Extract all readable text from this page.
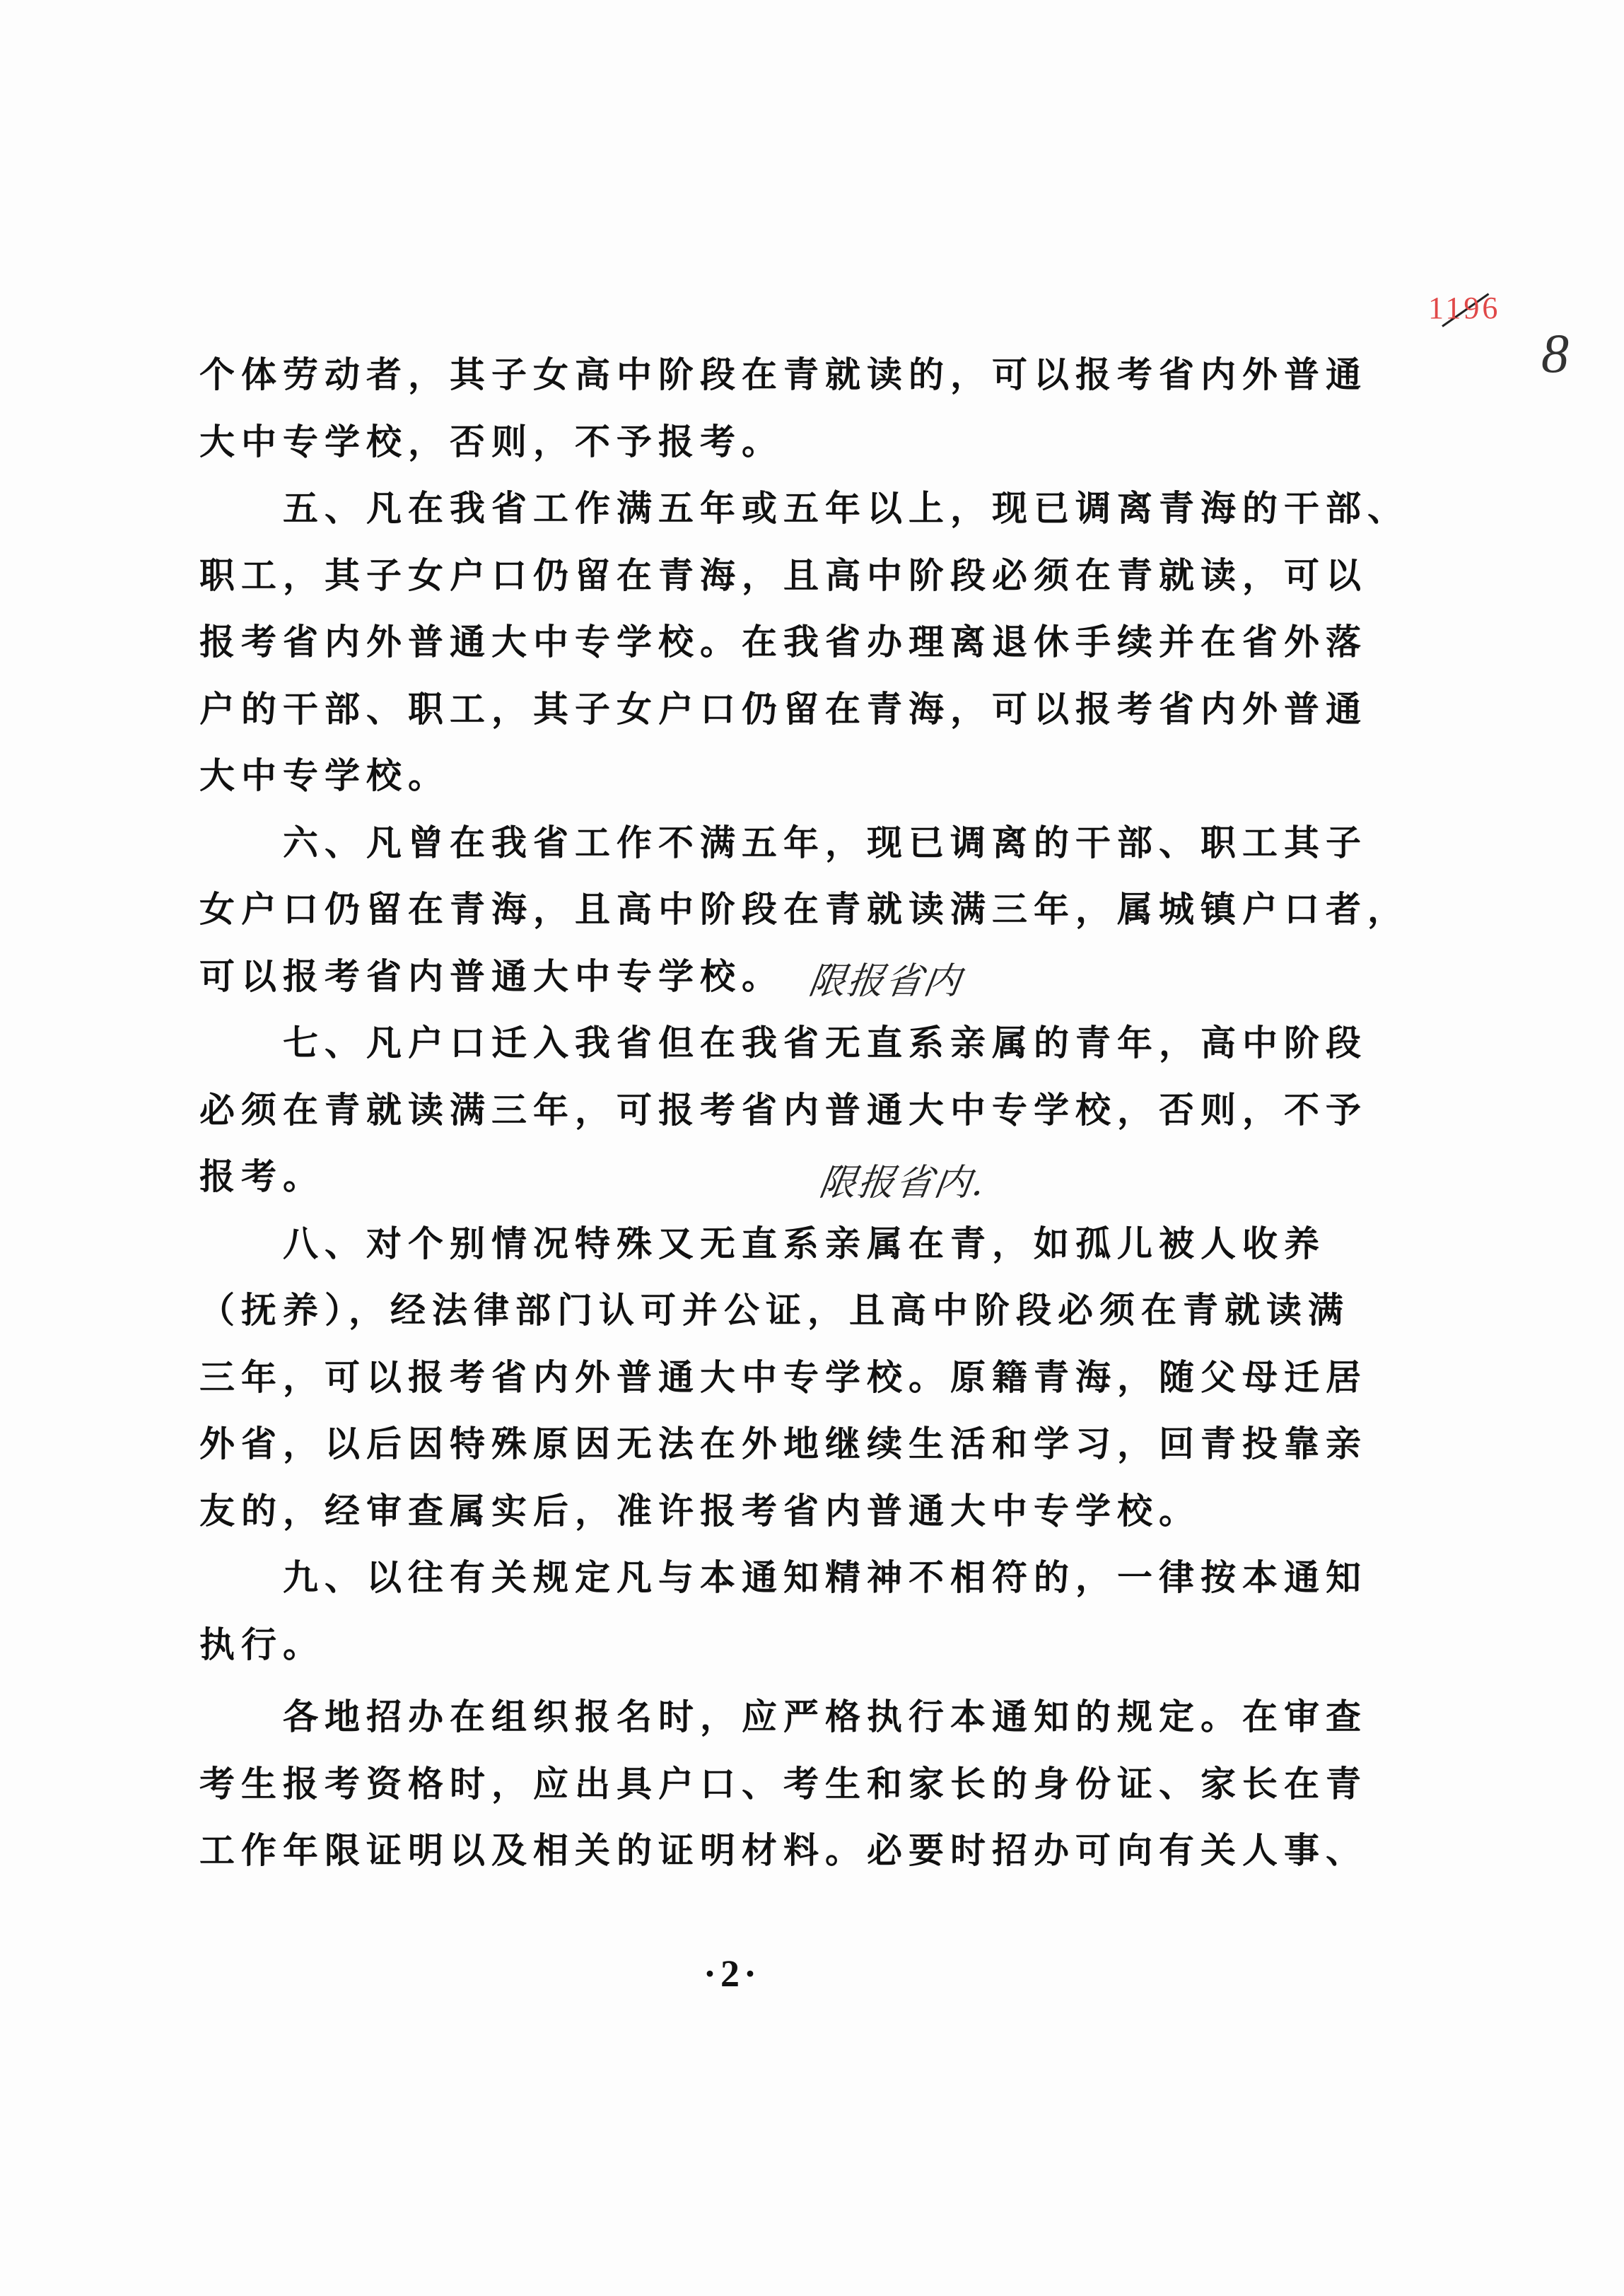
1196
8
个体劳动者，其子女高中阶段在青就读的，可以报考省内外普通
大中专学校，否则，不予报考。
五、凡在我省工作满五年或五年以上，现已调离青海的干部、
职工，其子女户口仍留在青海，且高中阶段必须在青就读，可以
报考省内外普通大中专学校。在我省办理离退休手续并在省外落
户的干部、职工，其子女户口仍留在青海，可以报考省内外普通
大中专学校。
六、凡曾在我省工作不满五年，现已调离的干部、职工其子
女户口仍留在青海，且高中阶段在青就读满三年，属城镇户口者，
可以报考省内普通大中专学校。
七、凡户口迁入我省但在我省无直系亲属的青年，高中阶段
必须在青就读满三年，可报考省内普通大中专学校，否则，不予
报考。
八、对个别情况特殊又无直系亲属在青，如孤儿被人收养
（抚养），经法律部门认可并公证，且高中阶段必须在青就读满
三年，可以报考省内外普通大中专学校。原籍青海，随父母迁居
外省，以后因特殊原因无法在外地继续生活和学习，回青投靠亲
友的，经审查属实后，准许报考省内普通大中专学校。
九、以往有关规定凡与本通知精神不相符的，一律按本通知
执行。
各地招办在组织报名时，应严格执行本通知的规定。在审查
考生报考资格时，应出具户口、考生和家长的身份证、家长在青
工作年限证明以及相关的证明材料。必要时招办可向有关人事、
限报省内
限报省内.
·2·
